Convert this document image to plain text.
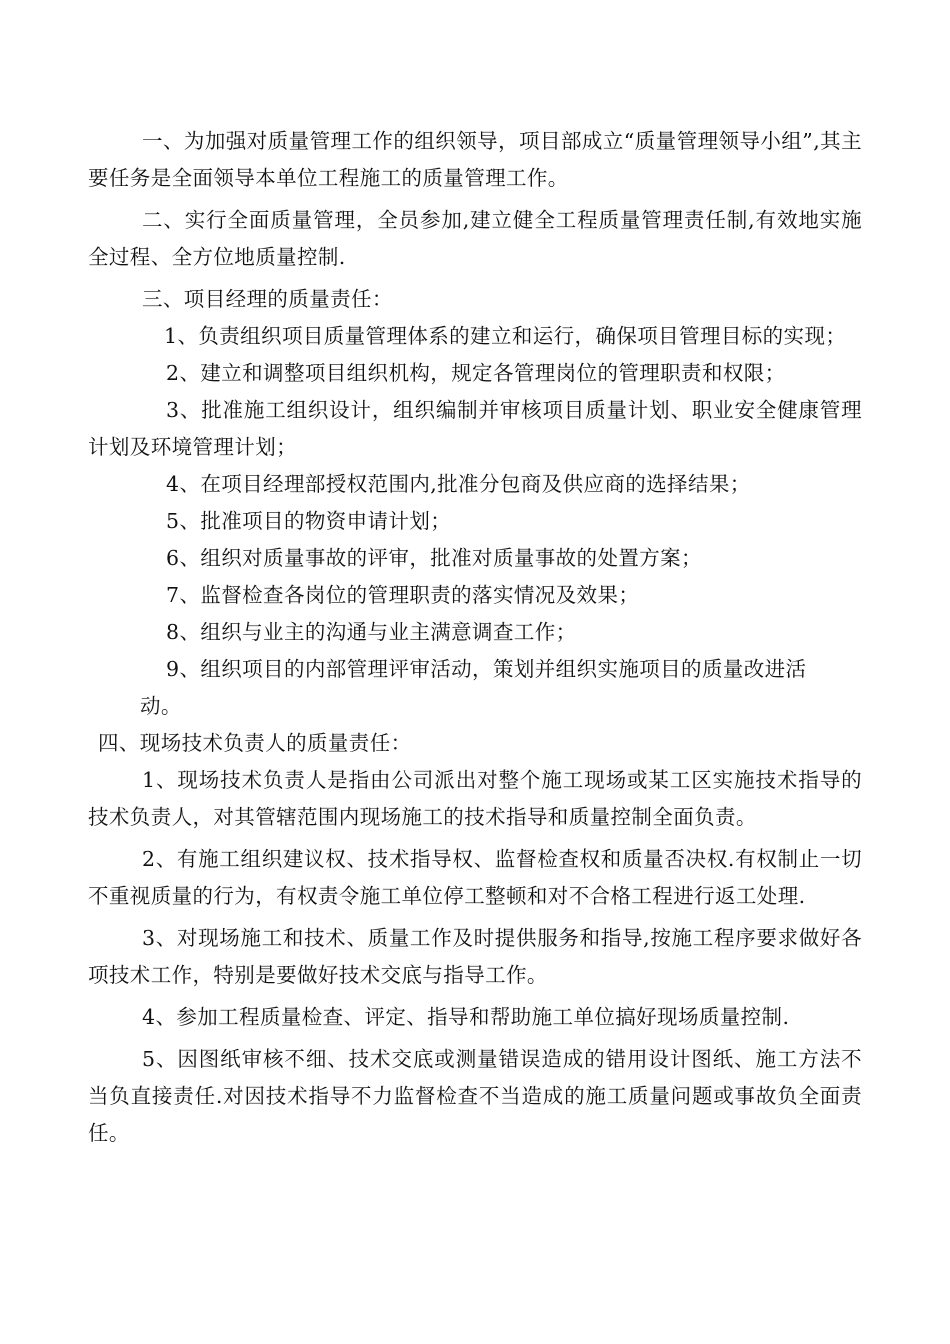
一、为加强对质量管理工作的组织领导，项目部成立“质量管理领导小组”,其主要任务是全面领导本单位工程施工的质量管理工作。

二、实行全面质量管理，全员参加,建立健全工程质量管理责任制,有效地实施全过程、全方位地质量控制.

三、项目经理的质量责任：

1、负责组织项目质量管理体系的建立和运行，确保项目管理目标的实现；

2、建立和调整项目组织机构，规定各管理岗位的管理职责和权限；

3、批准施工组织设计，组织编制并审核项目质量计划、职业安全健康管理计划及环境管理计划；

4、在项目经理部授权范围内,批准分包商及供应商的选择结果；

5、批准项目的物资申请计划；

6、组织对质量事故的评审，批准对质量事故的处置方案；

7、监督检查各岗位的管理职责的落实情况及效果；

8、组织与业主的沟通与业主满意调查工作；

9、组织项目的内部管理评审活动，策划并组织实施项目的质量改进活

动。

四、现场技术负责人的质量责任：

1、现场技术负责人是指由公司派出对整个施工现场或某工区实施技术指导的技术负责人，对其管辖范围内现场施工的技术指导和质量控制全面负责。

2、有施工组织建议权、技术指导权、监督检查权和质量否决权.有权制止一切不重视质量的行为，有权责令施工单位停工整顿和对不合格工程进行返工处理.

3、对现场施工和技术、质量工作及时提供服务和指导,按施工程序要求做好各项技术工作，特别是要做好技术交底与指导工作。

4、参加工程质量检查、评定、指导和帮助施工单位搞好现场质量控制.

5、因图纸审核不细、技术交底或测量错误造成的错用设计图纸、施工方法不当负直接责任.对因技术指导不力监督检查不当造成的施工质量问题或事故负全面责任。
